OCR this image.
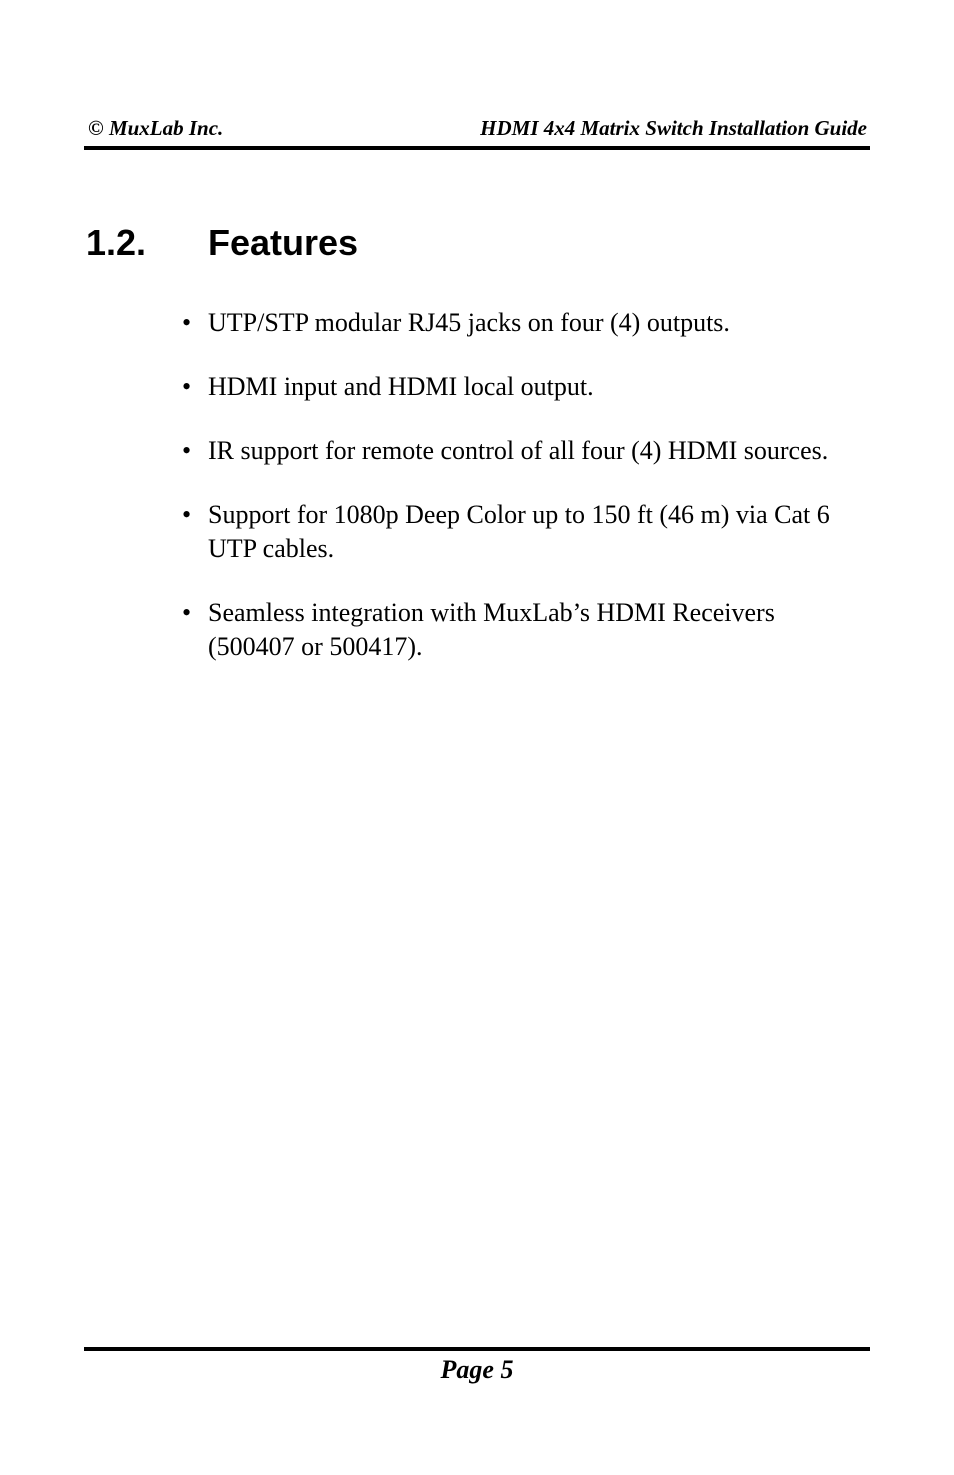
© MuxLab Inc.	HDMI 4x4 Matrix Switch Installation Guide
1.2. Features
• UTP/STP modular RJ45 jacks on four (4) outputs.
• HDMI input and HDMI local output.
• IR support for remote control of all four (4) HDMI sources.
• Support for 1080p Deep Color up to 150 ft (46 m) via Cat 6 UTP cables.
• Seamless integration with MuxLab’s HDMI Receivers (500407 or 500417).
Page 5
